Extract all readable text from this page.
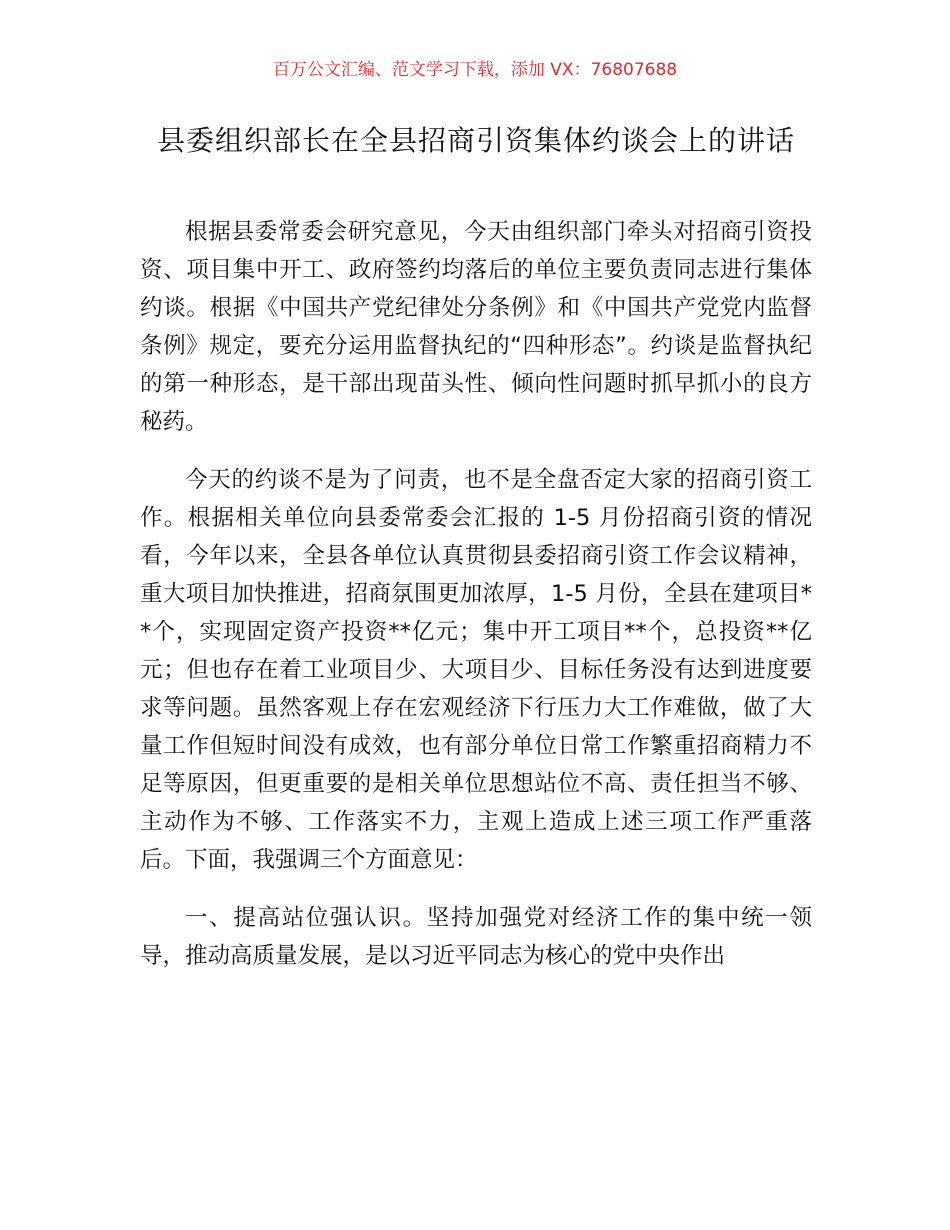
百万公文汇编、范文学习下载，添加 VX：76807688
县委组织部长在全县招商引资集体约谈会上的讲话

根据县委常委会研究意见，今天由组织部门牵头对招商引资投资、项目集中开工、政府签约均落后的单位主要负责同志进行集体约谈。根据《中国共产党纪律处分条例》和《中国共产党党内监督条例》规定，要充分运用监督执纪的“四种形态”。约谈是监督执纪的第一种形态，是干部出现苗头性、倾向性问题时抓早抓小的良方秘药。

今天的约谈不是为了问责，也不是全盘否定大家的招商引资工作。根据相关单位向县委常委会汇报的 1-5 月份招商引资的情况看，今年以来，全县各单位认真贯彻县委招商引资工作会议精神，重大项目加快推进，招商氛围更加浓厚，1-5 月份，全县在建项目**个，实现固定资产投资**亿元；集中开工项目**个，总投资**亿元；但也存在着工业项目少、大项目少、目标任务没有达到进度要求等问题。虽然客观上存在宏观经济下行压力大工作难做，做了大量工作但短时间没有成效，也有部分单位日常工作繁重招商精力不足等原因，但更重要的是相关单位思想站位不高、责任担当不够、主动作为不够、工作落实不力，主观上造成上述三项工作严重落后。下面，我强调三个方面意见：

一、提高站位强认识。坚持加强党对经济工作的集中统一领导，推动高质量发展，是以习近平同志为核心的党中央作出
